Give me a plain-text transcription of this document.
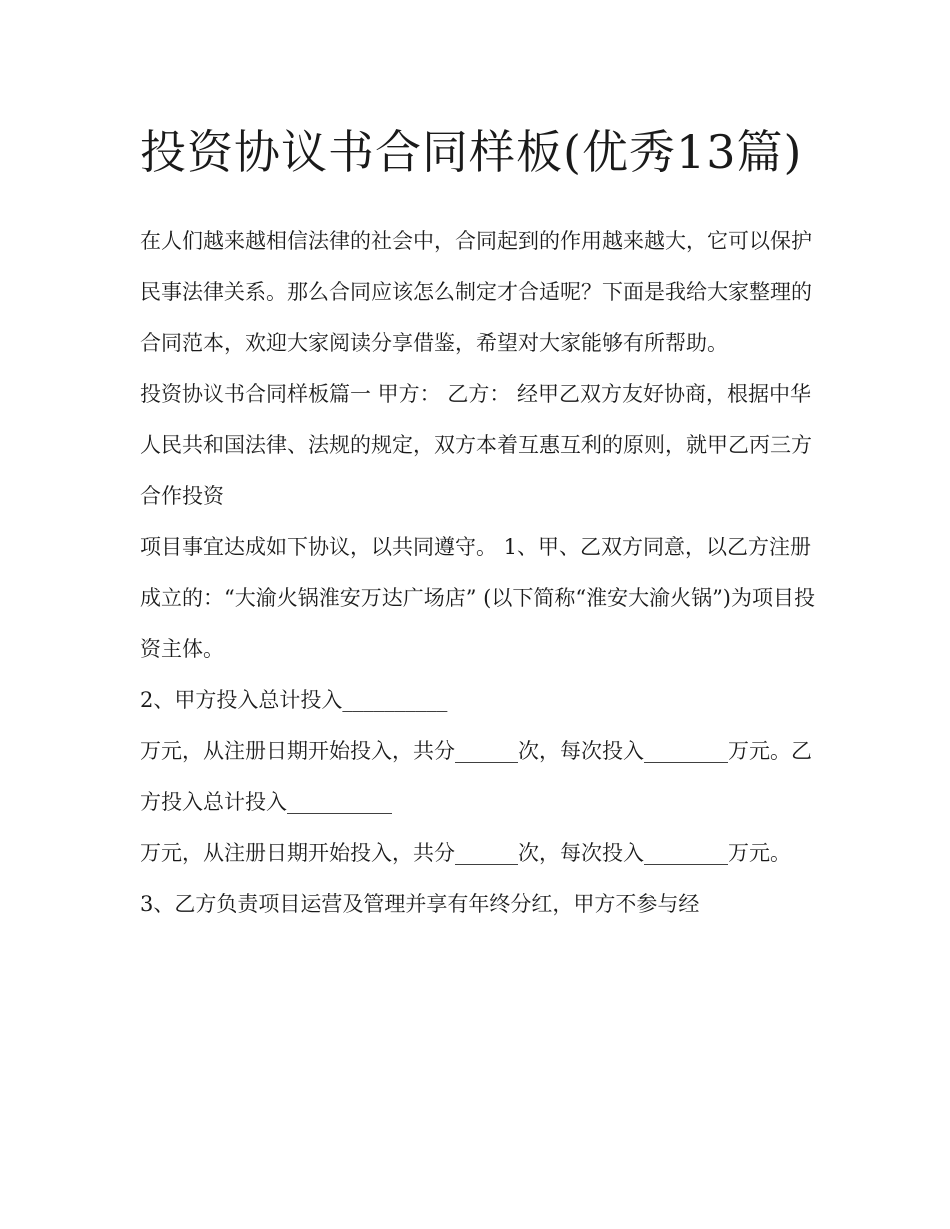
投资协议书合同样板(优秀13篇)

在人们越来越相信法律的社会中，合同起到的作用越来越大，它可以保护民事法律关系。那么合同应该怎么制定才合适呢？下面是我给大家整理的合同范本，欢迎大家阅读分享借鉴，希望对大家能够有所帮助。

投资协议书合同样板篇一 甲方： 乙方： 经甲乙双方友好协商，根据中华人民共和国法律、法规的规定，双方本着互惠互利的原则，就甲乙丙三方合作投资

项目事宜达成如下协议，以共同遵守。 1、甲、乙双方同意，以乙方注册成立的：“大渝火锅淮安万达广场店” (以下简称“淮安大渝火锅”)为项目投资主体。

2、甲方投入总计投入__________

万元，从注册日期开始投入，共分______次，每次投入________万元。乙方投入总计投入__________

万元，从注册日期开始投入，共分______次，每次投入________万元。

3、乙方负责项目运营及管理并享有年终分红，甲方不参与经
